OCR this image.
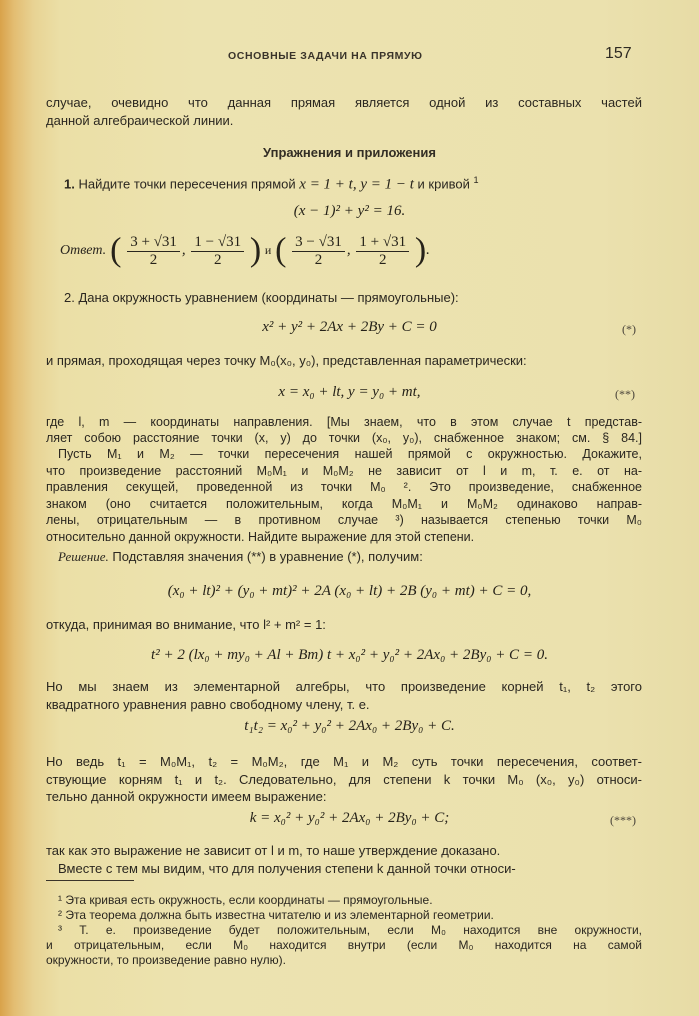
ОСНОВНЫЕ ЗАДАЧИ НА ПРЯМУЮ	157
случае, очевидно что данная прямая является одной из составных частей
данной алгебраической линии.
Упражнения и приложения
1. Найдите точки пересечения прямой x = 1 + t, y = 1 − t и кривой $^1$
(x − 1)² + y² = 16.
Ответ. ( $\frac{3 + √31}{2}$ , $\frac{1 - √31}{2}$ ) и ( $\frac{3 - √31}{2}$ , $\frac{1 + √31}{2}$ ).
2. Дана окружность уравнением (координаты — прямоугольные):
x² + y² + 2Ax + 2By + C = 0	(*)
и прямая, проходящая через точку M₀(x₀, y₀), представленная параметрически:
x = x₀ + lt, y = y₀ + mt,	(**)
где l, m — координаты направления. [Мы знаем, что в этом случае t представ-
ляет собою расстояние точки (x, y) до точки (x₀, y₀), снабженное знаком; см. § 84.]
Пусть M₁ и M₂ — точки пересечения нашей прямой с окружностью. Докажите,
что произведение расстояний M₀M₁ и M₀M₂ не зависит от l и m, т. е. от на-
правления секущей, проведенной из точки M₀ ². Это произведение, снабженное
знаком (оно считается положительным, когда M₀M₁ и M₀M₂ одинаково направ-
лены, отрицательным — в противном случае ³) называется степенью точки M₀
относительно данной окружности. Найдите выражение для этой степени.
Решение. Подставляя значения (**) в уравнение (*), получим:
(x₀ + lt)² + (y₀ + mt)² + 2A (x₀ + lt) + 2B (y₀ + mt) + C = 0,
откуда, принимая во внимание, что l² + m² = 1:
t² + 2 (lx₀ + my₀ + Al + Bm) t + x₀² + y₀² + 2Ax₀ + 2By₀ + C = 0.
Но мы знаем из элементарной алгебры, что произведение корней t₁, t₂ этого
квадратного уравнения равно свободному члену, т. е.
t₁t₂ = x₀² + y₀² + 2Ax₀ + 2By₀ + C.
Но ведь t₁ = M₀M₁, t₂ = M₀M₂, где M₁ и M₂ суть точки пересечения, соответ-
ствующие корням t₁ и t₂. Следовательно, для степени k точки M₀ (x₀, y₀) относи-
тельно данной окружности имеем выражение:
k = x₀² + y₀² + 2Ax₀ + 2By₀ + C;	(***)
так как это выражение не зависит от l и m, то наше утверждение доказано.
Вместе с тем мы видим, что для получения степени k данной точки относи-
¹ Эта кривая есть окружность, если координаты — прямоугольные.
² Эта теорема должна быть известна читателю и из элементарной геометрии.
³ Т. е. произведение будет положительным, если M₀ находится вне окружности,
и отрицательным, если M₀ находится внутри (если M₀ находится на самой
окружности, то произведение равно нулю).
